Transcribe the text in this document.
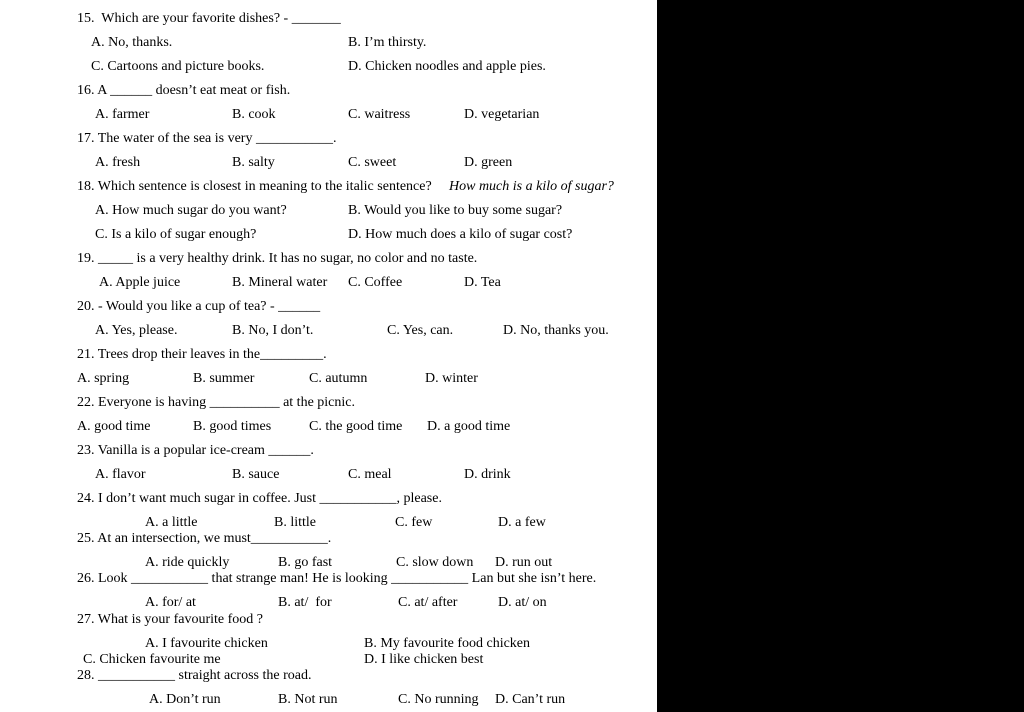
15.  Which are your favorite dishes? - _______

A. No, thanks.	B. I’m thirsty.

C. Cartoons and picture books.	D. Chicken noodles and apple pies.

16. A ______ doesn’t eat meat or fish.

A. farmer	B. cook	C. waitress	D. vegetarian

17. The water of the sea is very ___________.

A. fresh	B. salty	C. sweet	D. green

18. Which sentence is closest in meaning to the italic sentence? How much is a kilo of sugar?

A. How much sugar do you want?	B. Would you like to buy some sugar?

C. Is a kilo of sugar enough?	D. How much does a kilo of sugar cost?

19. _____ is a very healthy drink. It has no sugar, no color and no taste.

A. Apple juice	B. Mineral water C. Coffee	D. Tea

20. - Would you like a cup of tea? - ______

A. Yes, please.	B. No, I don’t.	C. Yes, can.	D. No, thanks you.

21. Trees drop their leaves in the_________.

A. spring	B. summer	C. autumn	D. winter

22. Everyone is having __________ at the picnic.

A. good time	B. good times	C. the good time D. a good time

23. Vanilla is a popular ice-cream ______.

A. flavor	B. sauce	C. meal	D. drink

24. I don’t want much sugar in coffee. Just ___________, please.

A. a little	B. little	C. few	D. a few

25. At an intersection, we must___________.

A. ride quickly	B. go fast	C. slow down D. run out

26. Look ___________ that strange man! He is looking ___________ Lan but she isn’t here.

A. for/ at	B. at/  for	C. at/ after	D. at/ on

27. What is your favourite food ?

A. I favourite chicken	B. My favourite food chicken

C. Chicken favourite me	D. I like chicken best

28. ___________ straight across the road.

A. Don’t run	B. Not run	C. No running D. Can’t run
